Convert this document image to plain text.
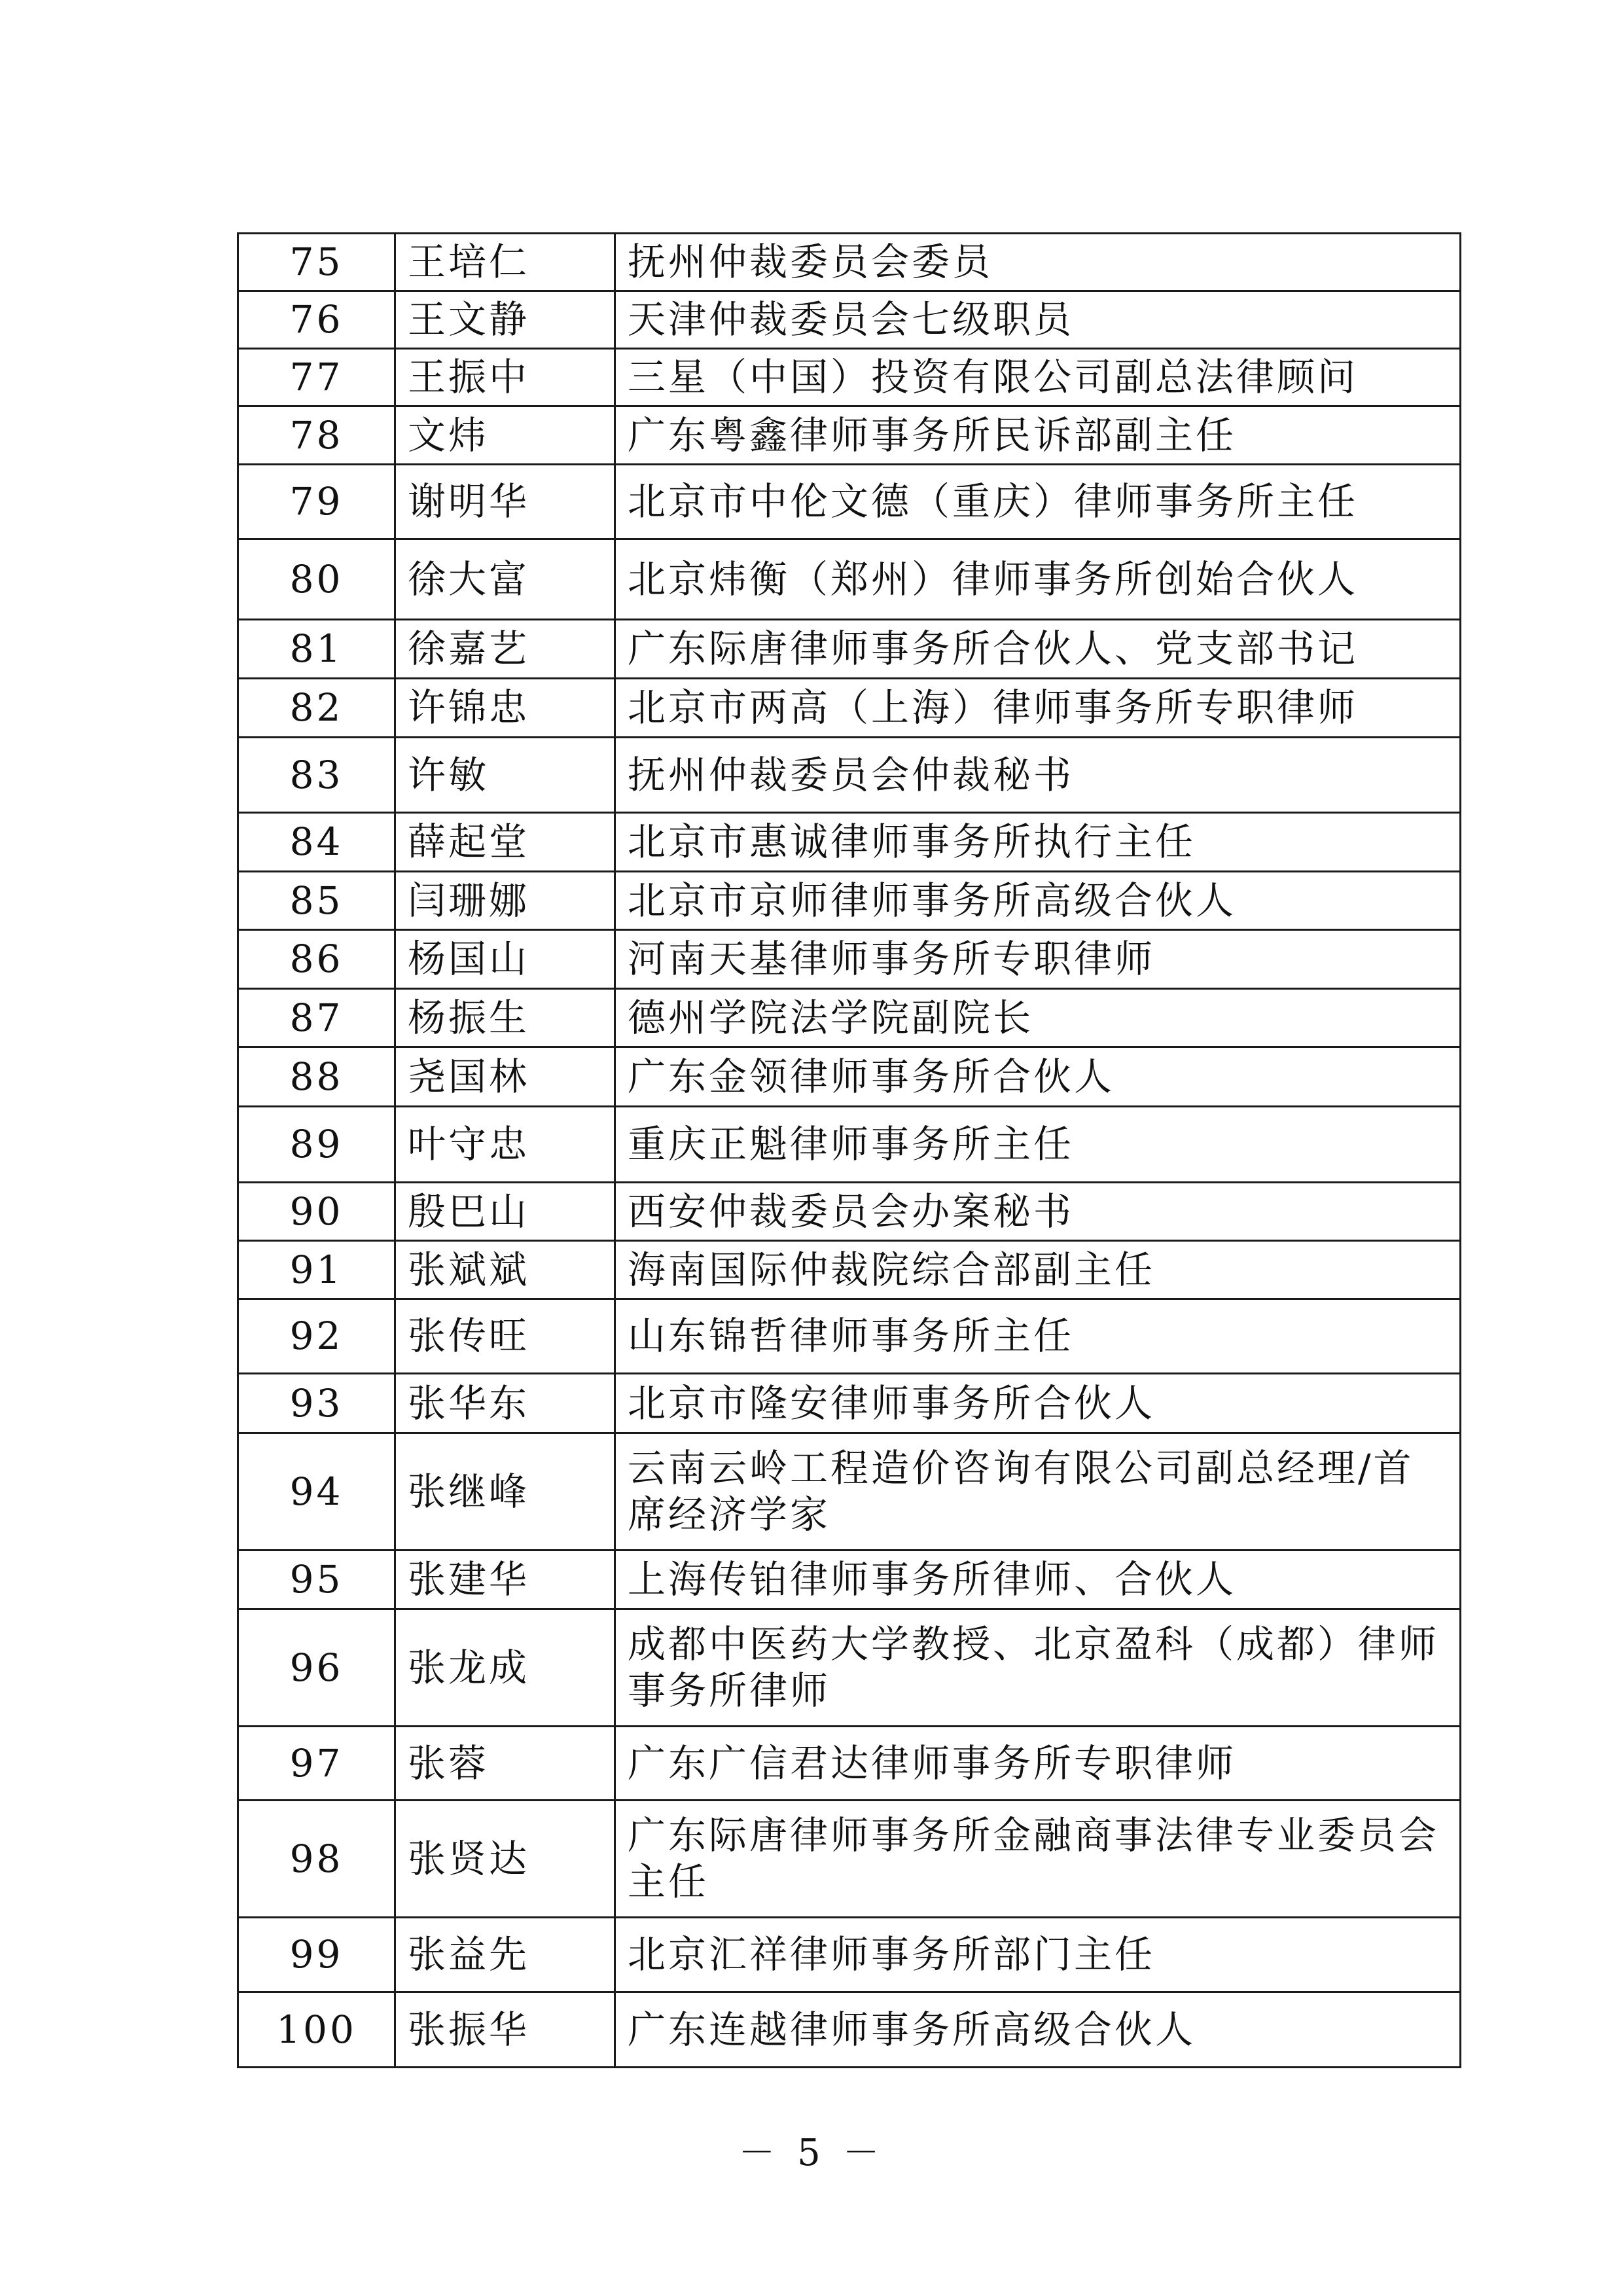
75	王培仁	抚州仲裁委员会委员
76	王文静	天津仲裁委员会七级职员
77	王振中	三星（中国）投资有限公司副总法律顾问
78	文炜	广东粤鑫律师事务所民诉部副主任
79	谢明华	北京市中伦文德（重庆）律师事务所主任
80	徐大富	北京炜衡（郑州）律师事务所创始合伙人
81	徐嘉艺	广东际唐律师事务所合伙人、党支部书记
82	许锦忠	北京市两高（上海）律师事务所专职律师
83	许敏	抚州仲裁委员会仲裁秘书
84	薛起堂	北京市惠诚律师事务所执行主任
85	闫珊娜	北京市京师律师事务所高级合伙人
86	杨国山	河南天基律师事务所专职律师
87	杨振生	德州学院法学院副院长
88	尧国林	广东金领律师事务所合伙人
89	叶守忠	重庆正魁律师事务所主任
90	殷巴山	西安仲裁委员会办案秘书
91	张斌斌	海南国际仲裁院综合部副主任
92	张传旺	山东锦哲律师事务所主任
93	张华东	北京市隆安律师事务所合伙人
94	张继峰	云南云岭工程造价咨询有限公司副总经理/首席经济学家
95	张建华	上海传铂律师事务所律师、合伙人
96	张龙成	成都中医药大学教授、北京盈科（成都）律师事务所律师
97	张蓉	广东广信君达律师事务所专职律师
98	张贤达	广东际唐律师事务所金融商事法律专业委员会主任
99	张益先	北京汇祥律师事务所部门主任
100	张振华	广东连越律师事务所高级合伙人
－ 5 －
